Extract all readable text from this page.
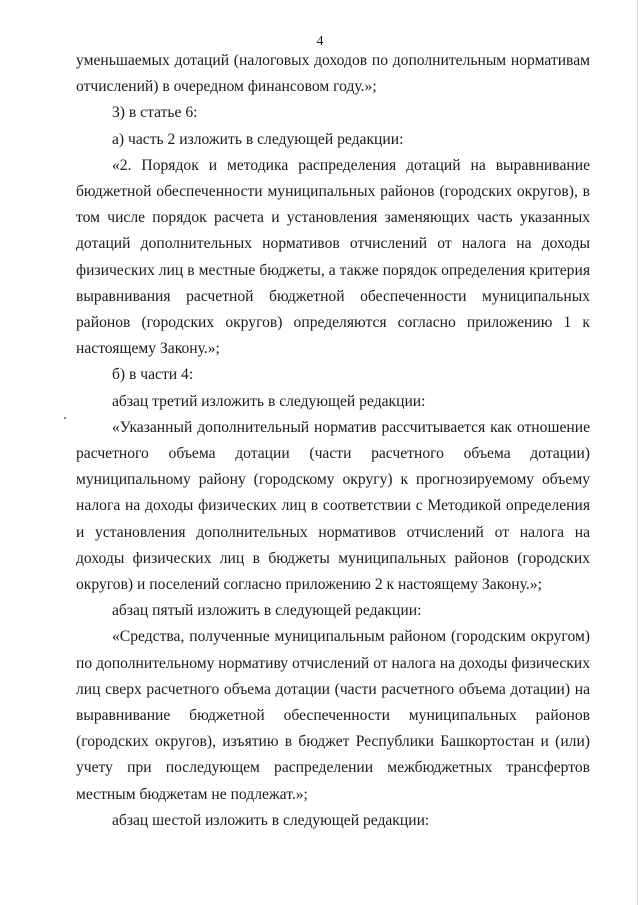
4

уменьшаемых дотаций (налоговых доходов по дополнительным нормативам отчислений) в очередном финансовом году.»;

3) в статье 6:

а) часть 2 изложить в следующей редакции:

«2. Порядок и методика распределения дотаций на выравнивание бюджетной обеспеченности муниципальных районов (городских округов), в том числе порядок расчета и установления заменяющих часть указанных дотаций дополнительных нормативов отчислений от налога на доходы физических лиц в местные бюджеты, а также порядок определения критерия выравнивания расчетной бюджетной обеспеченности муниципальных районов (городских округов) определяются согласно приложению 1 к настоящему Закону.»;

б) в части 4:

абзац третий изложить в следующей редакции:

«Указанный дополнительный норматив рассчитывается как отношение расчетного объема дотации (части расчетного объема дотации) муниципальному району (городскому округу) к прогнозируемому объему налога на доходы физических лиц в соответствии с Методикой определения и установления дополнительных нормативов отчислений от налога на доходы физических лиц в бюджеты муниципальных районов (городских округов) и поселений согласно приложению 2 к настоящему Закону.»;

абзац пятый изложить в следующей редакции:

«Средства, полученные муниципальным районом (городским округом) по дополнительному нормативу отчислений от налога на доходы физических лиц сверх расчетного объема дотации (части расчетного объема дотации) на выравнивание бюджетной обеспеченности муниципальных районов (городских округов), изъятию в бюджет Республики Башкортостан и (или) учету при последующем распределении межбюджетных трансфертов местным бюджетам не подлежат.»;

абзац шестой изложить в следующей редакции:
